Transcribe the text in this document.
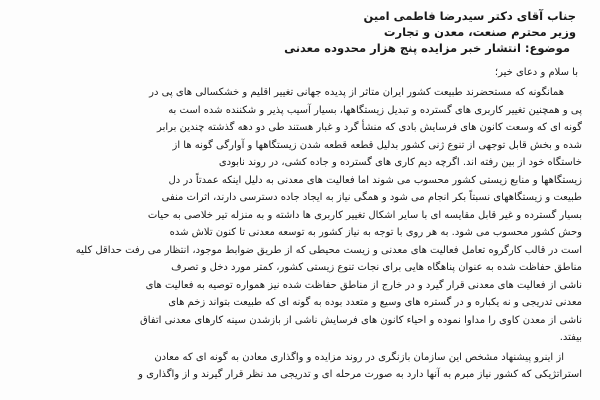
جناب آقای دکتر سیدرضا فاطمی امین
وزیر محترم صنعت، معدن و تجارت
موضوع: انتشار خبر مزایده پنج هزار محدوده معدنی
با سلام و دعای خیر؛
همانگونه که مستحضرند طبیعت کشور ایران متاثر از پدیده جهانی تغییر اقلیم و خشکسالی های پی در
پی و همچنین تغییر کاربری های گسترده و تبدیل زیستگاهها، بسیار آسیب پذیر و شکننده شده است به
گونه ای که وسعت کانون های فرسایش بادی که منشأ گرد و غبار هستند طی دو دهه گذشته چندین برابر
شده و بخش قابل توجهی از تنوع ژنی کشور بدلیل قطعه قطعه شدن زیستگاهها و آوارگی گونه ها از
خاستگاه خود از بین رفته اند. اگرچه دیم کاری های گسترده و جاده کشی، در روند نابودی
زیستگاهها و منابع زیستی کشور محسوب می شوند اما فعالیت های معدنی به دلیل اینکه عمدتاً در دل
طبیعت و زیستگاههای نسبتاً بکر انجام می شود و همگی نیاز به ایجاد جاده دسترسی دارند، اثرات منفی
بسیار گسترده و غیر قابل مقایسه ای با سایر اشکال تغییر کاربری ها داشته و به منزله تیر خلاصی به حیات
وحش کشور محسوب می شود. به هر روی با توجه به نیاز کشور به توسعه معدنی تا کنون تلاش شده
است در قالب کارگروه تعامل فعالیت های معدنی و زیست محیطی که از طریق ضوابط موجود، انتظار می رفت حداقل کلیه
مناطق حفاظت شده به عنوان پناهگاه هایی برای نجات تنوع زیستی کشور، کمتر مورد دخل و تصرف
ناشی از فعالیت های معدنی قرار گیرد و در خارج از مناطق حفاظت شده نیز همواره توصیه به فعالیت های
معدنی تدریجی و نه یکباره و در گستره های وسیع و متعدد بوده به گونه ای که طبیعت بتواند زخم های
ناشی از معدن کاوی را مداوا نموده و احیاء کانون های فرسایش ناشی از بازشدن سینه کارهای معدنی اتفاق
بیفتد.
از اینرو پیشنهاد مشخص این سازمان بازنگری در روند مزایده و واگذاری معادن به گونه ای که معادن
استراتژیکی که کشور نیاز مبرم به آنها دارد به صورت مرحله ای و تدریجی مد نظر قرار گیرند و از واگذاری و
